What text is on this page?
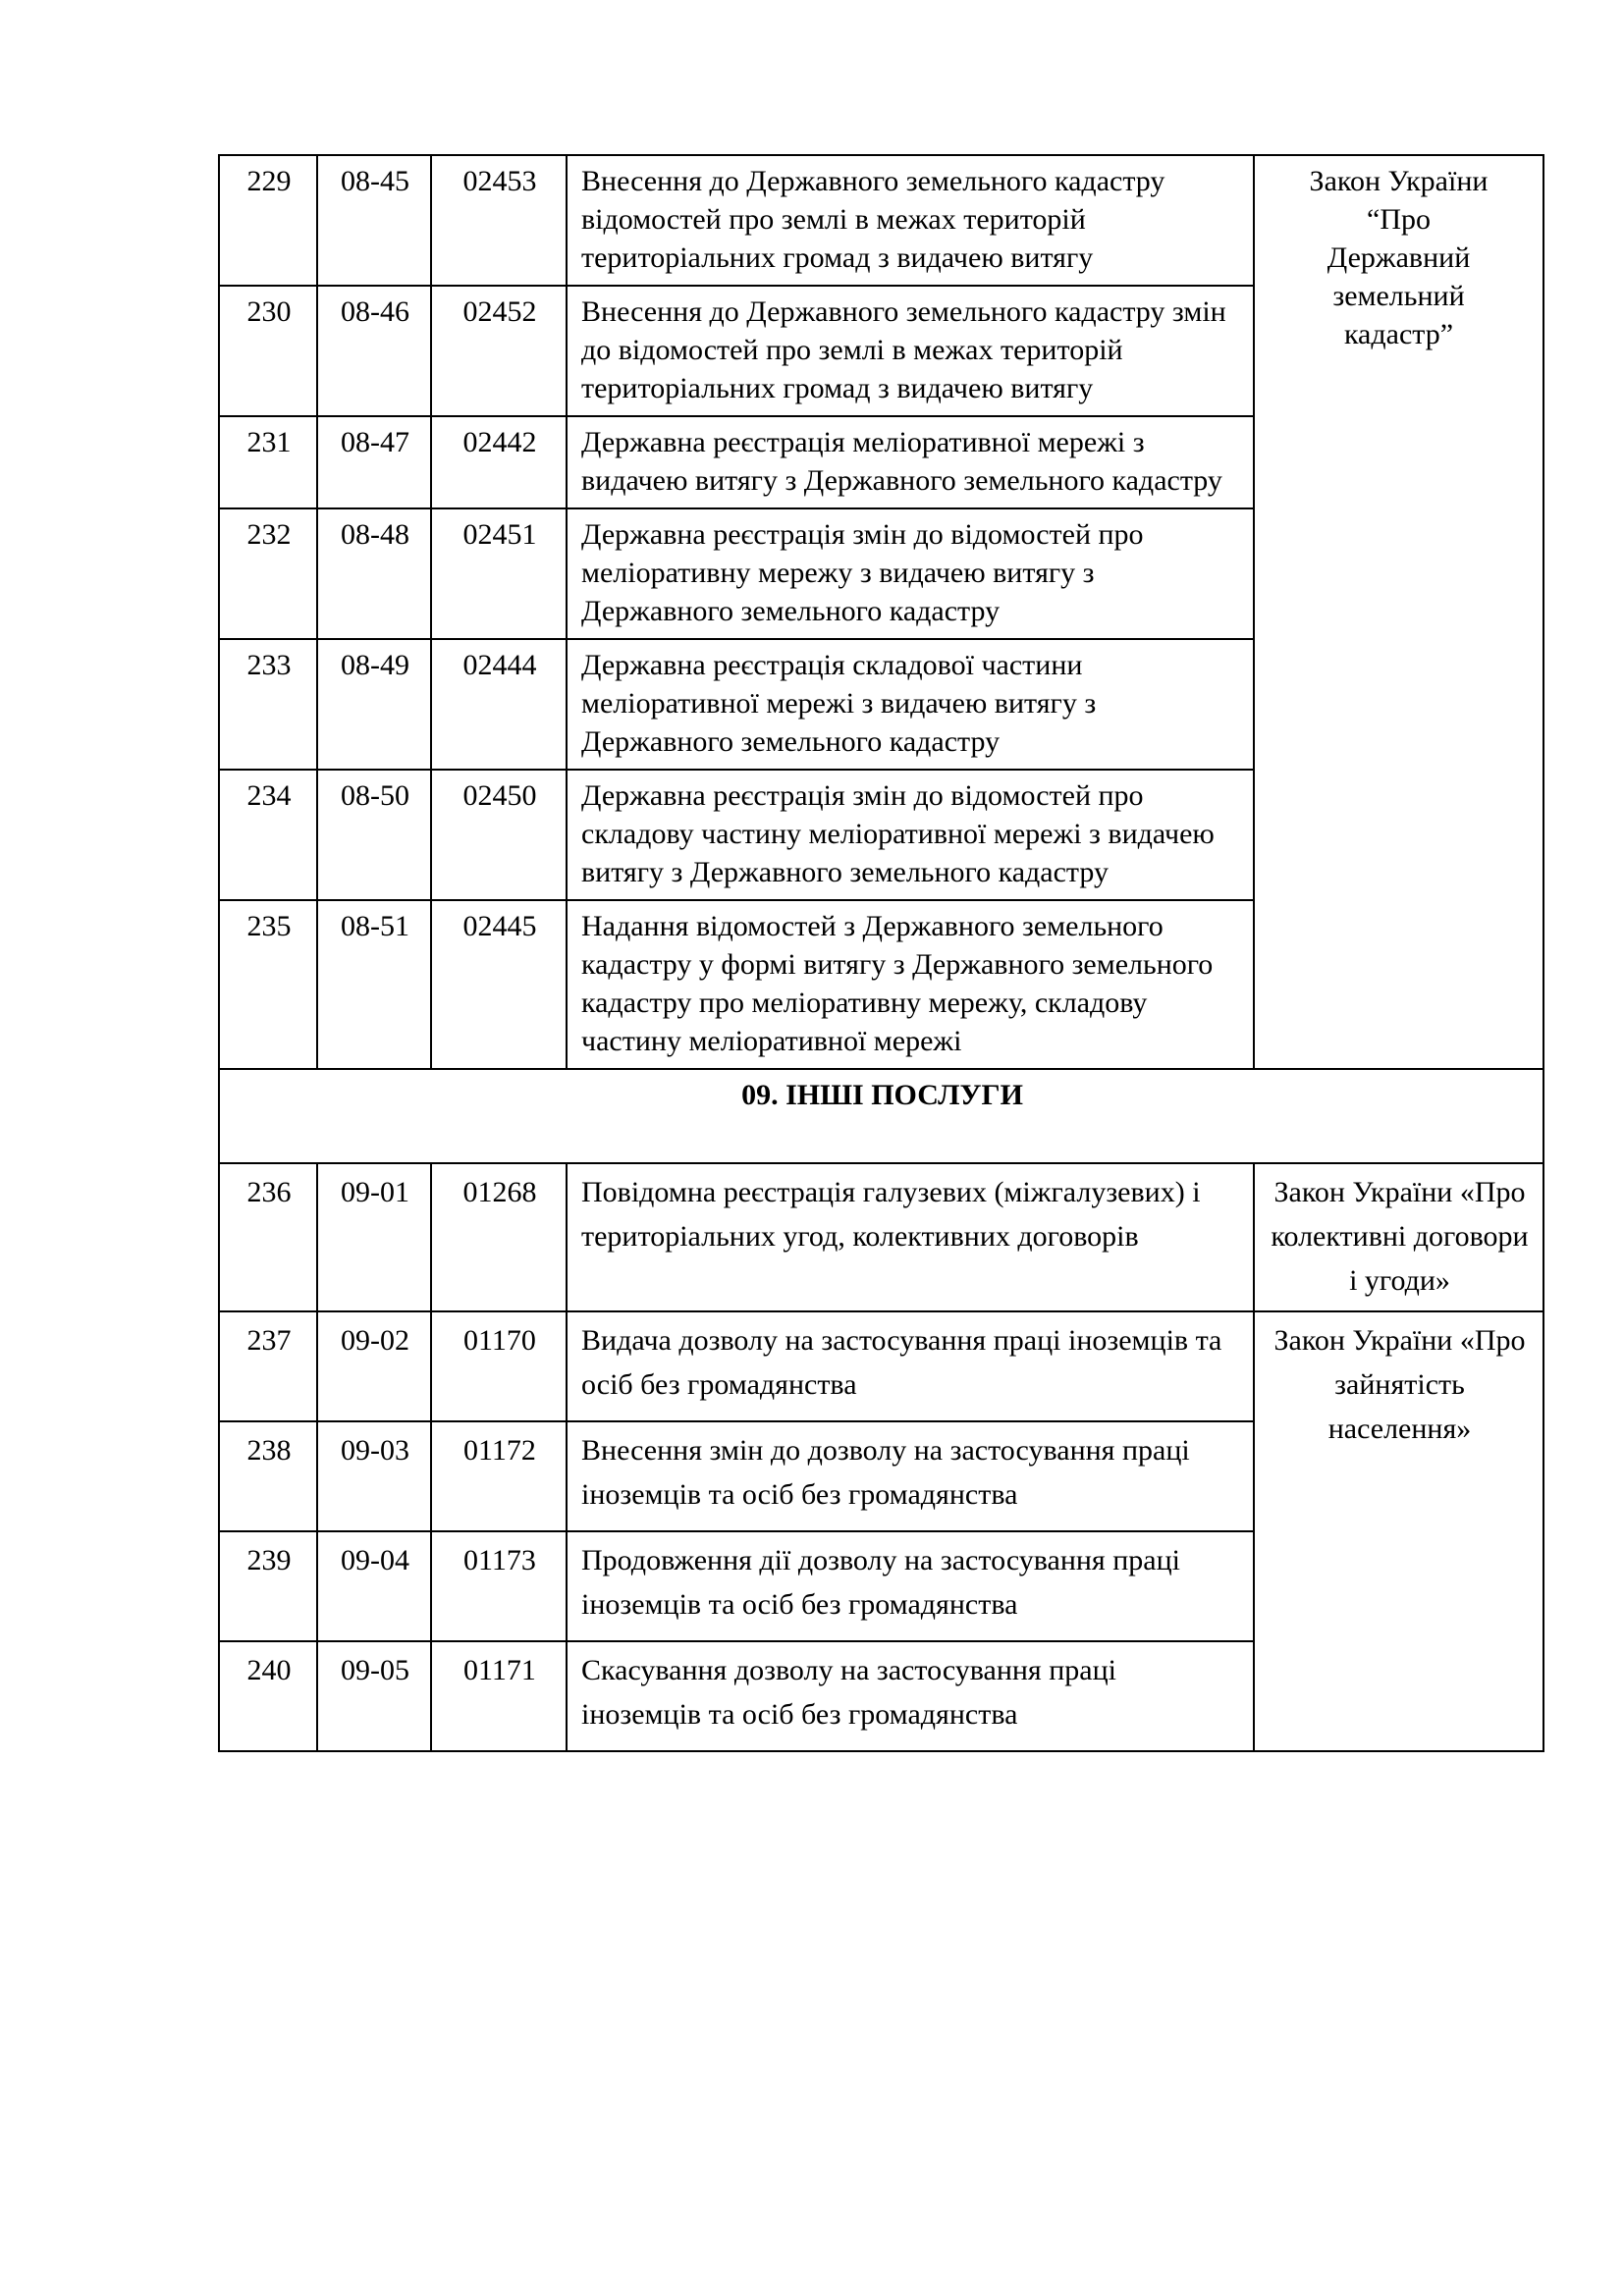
229	08-45	02453	Внесення до Державного земельного кадастру відомостей про землі в межах територій територіальних громад з видачею витягу	Закон України “Про Державний земельний кадастр”
230	08-46	02452	Внесення до Державного земельного кадастру змін до відомостей про землі в межах територій територіальних громад з видачею витягу	
231	08-47	02442	Державна реєстрація меліоративної мережі з видачею витягу з Державного земельного кадастру	
232	08-48	02451	Державна реєстрація змін до відомостей про меліоративну мережу з видачею витягу з Державного земельного кадастру	
233	08-49	02444	Державна реєстрація складової частини меліоративної мережі з видачею витягу з Державного земельного кадастру	
234	08-50	02450	Державна реєстрація змін до відомостей про складову частину меліоративної мережі з видачею витягу з Державного земельного кадастру	
235	08-51	02445	Надання відомостей з Державного земельного кадастру у формі витягу з Державного земельного кадастру про меліоративну мережу, складову частину меліоративної мережі	
09. ІНШІ ПОСЛУГИ				
236	09-01	01268	Повідомна реєстрація галузевих (міжгалузевих) і територіальних угод, колективних договорів	Закон України «Про колективні договори і угоди»
237	09-02	01170	Видача дозволу на застосування праці іноземців та осіб без громадянства	Закон України «Про зайнятість населення»
238	09-03	01172	Внесення змін до дозволу на застосування праці іноземців та осіб без громадянства	
239	09-04	01173	Продовження дії дозволу на застосування праці іноземців та осіб без громадянства	
240	09-05	01171	Скасування дозволу на застосування праці іноземців та осіб без громадянства	
